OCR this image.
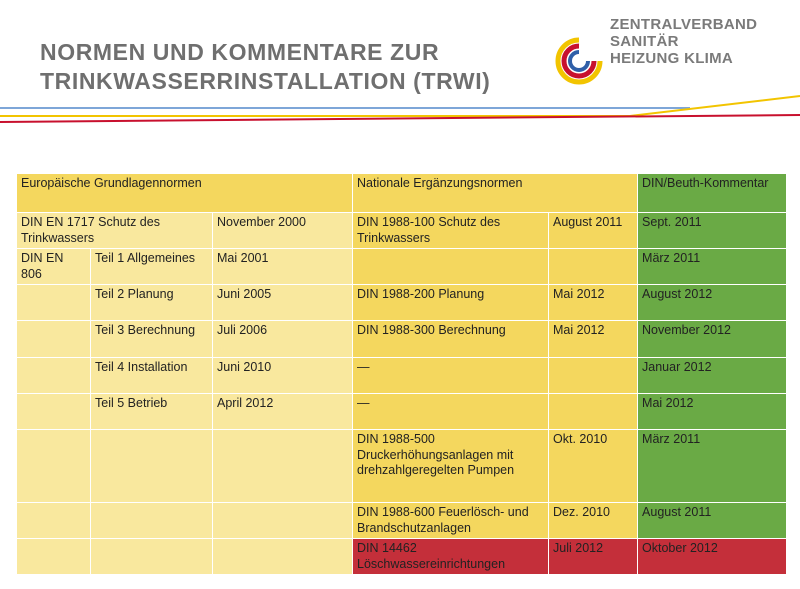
NORMEN UND KOMMENTARE ZUR
TRINKWASSERRINSTALLATION (TRWI)
ZENTRALVERBAND
SANITÄR
HEIZUNG KLIMA
Europäische Grundlagennormen			Nationale Ergänzungsnormen		DIN/Beuth-Kommentar
DIN EN 1717 Schutz des Trinkwassers		November 2000	DIN 1988-100 Schutz des Trinkwassers	August 2011	Sept. 2011
DIN EN 806	Teil 1 Allgemeines	Mai 2001			März 2011
	Teil 2 Planung	Juni 2005	DIN 1988-200 Planung	Mai 2012	August 2012
	Teil 3 Berechnung	Juli 2006	DIN 1988-300 Berechnung	Mai 2012	November 2012
	Teil 4 Installation	Juni 2010	—		Januar 2012
	Teil 5 Betrieb	April 2012	—		Mai 2012
			DIN 1988-500 Druckerhöhungsanlagen mit drehzahlgeregelten Pumpen	Okt. 2010	März 2011
			DIN 1988-600 Feuerlösch- und Brandschutzanlagen	Dez. 2010	August 2011
			DIN 14462 Löschwassereinrichtungen	Juli 2012	Oktober 2012
